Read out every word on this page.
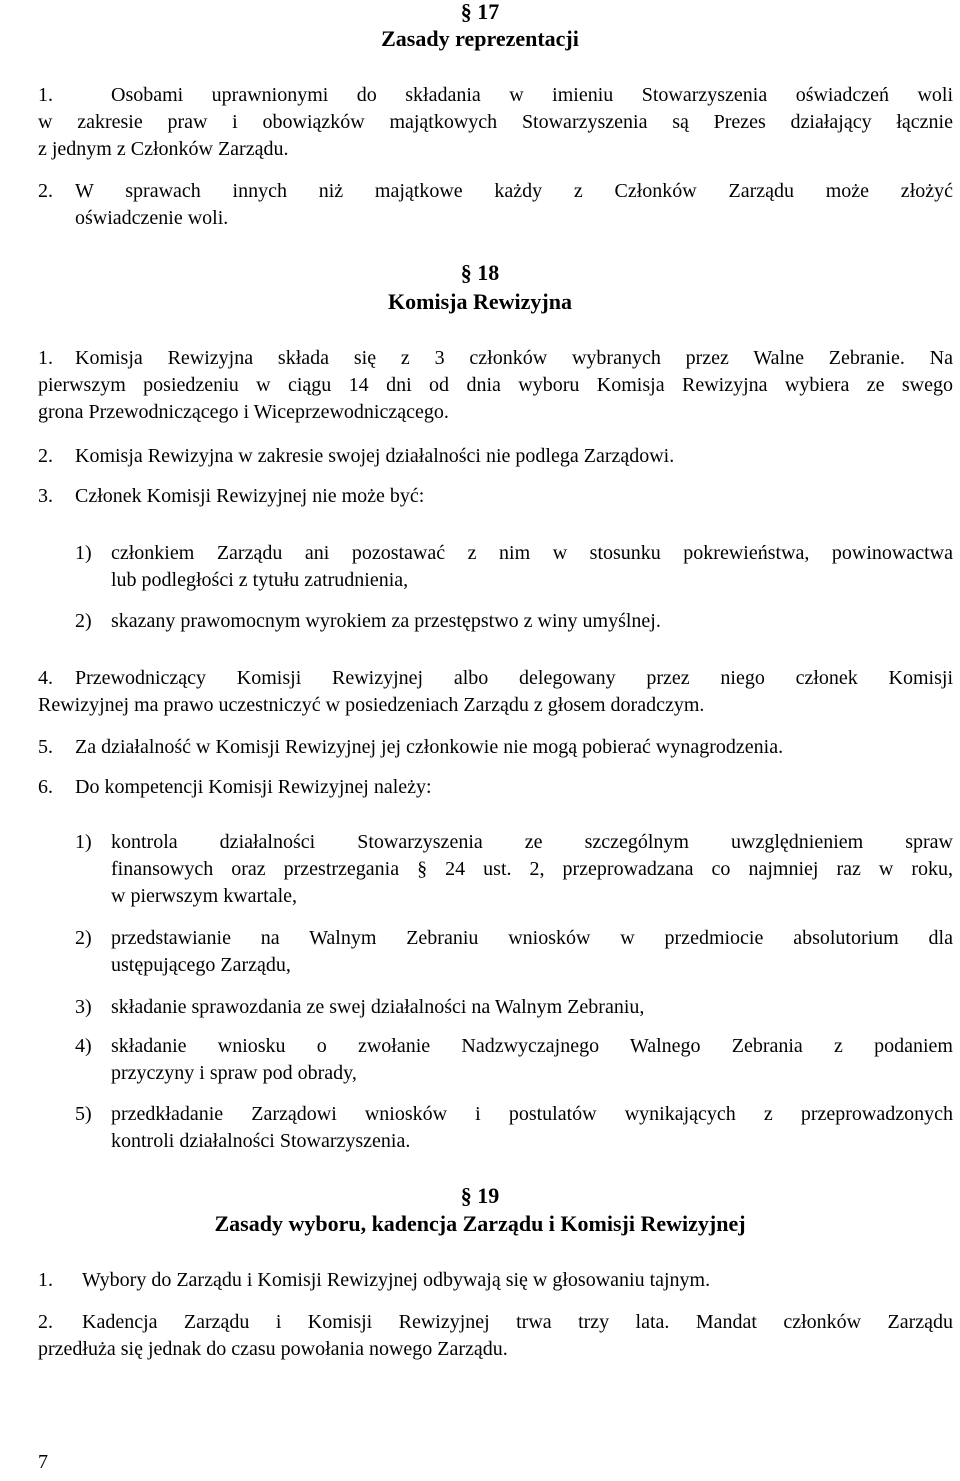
§ 17
Zasady reprezentacji
1.	Osobami uprawnionymi do składania w imieniu Stowarzyszenia oświadczeń woli
w zakresie praw i obowiązków majątkowych Stowarzyszenia są Prezes działający łącznie
z jednym z Członków Zarządu.
2. W sprawach innych niż majątkowe każdy z Członków Zarządu może złożyć
oświadczenie woli.
§ 18
Komisja Rewizyjna
1. Komisja Rewizyjna składa się z 3 członków wybranych przez Walne Zebranie. Na
pierwszym posiedzeniu w ciągu 14 dni od dnia wyboru Komisja Rewizyjna wybiera ze swego
grona Przewodniczącego i Wiceprzewodniczącego.
2. Komisja Rewizyjna w zakresie swojej działalności nie podlega Zarządowi.
3. Członek Komisji Rewizyjnej nie może być:
1) członkiem Zarządu ani pozostawać z nim w stosunku pokrewieństwa, powinowactwa
lub podległości z tytułu zatrudnienia,
2) skazany prawomocnym wyrokiem za przestępstwo z winy umyślnej.
4. Przewodniczący Komisji Rewizyjnej albo delegowany przez niego członek Komisji
Rewizyjnej ma prawo uczestniczyć w posiedzeniach Zarządu z głosem doradczym.
5. Za działalność w Komisji Rewizyjnej jej członkowie nie mogą pobierać wynagrodzenia.
6. Do kompetencji Komisji Rewizyjnej należy:
1) kontrola działalności Stowarzyszenia ze szczególnym uwzględnieniem spraw
finansowych oraz przestrzegania § 24 ust. 2, przeprowadzana co najmniej raz w roku,
w pierwszym kwartale,
2) przedstawianie na Walnym Zebraniu wniosków w przedmiocie absolutorium dla
ustępującego Zarządu,
3) składanie sprawozdania ze swej działalności na Walnym Zebraniu,
4) składanie wniosku o zwołanie Nadzwyczajnego Walnego Zebrania z podaniem
przyczyny i spraw pod obrady,
5) przedkładanie Zarządowi wniosków i postulatów wynikających z przeprowadzonych
kontroli działalności Stowarzyszenia.
§ 19
Zasady wyboru, kadencja Zarządu i Komisji Rewizyjnej
1. Wybory do Zarządu i Komisji Rewizyjnej odbywają się w głosowaniu tajnym.
2. Kadencja Zarządu i Komisji Rewizyjnej trwa trzy lata. Mandat członków Zarządu
przedłuża się jednak do czasu powołania nowego Zarządu.
7
